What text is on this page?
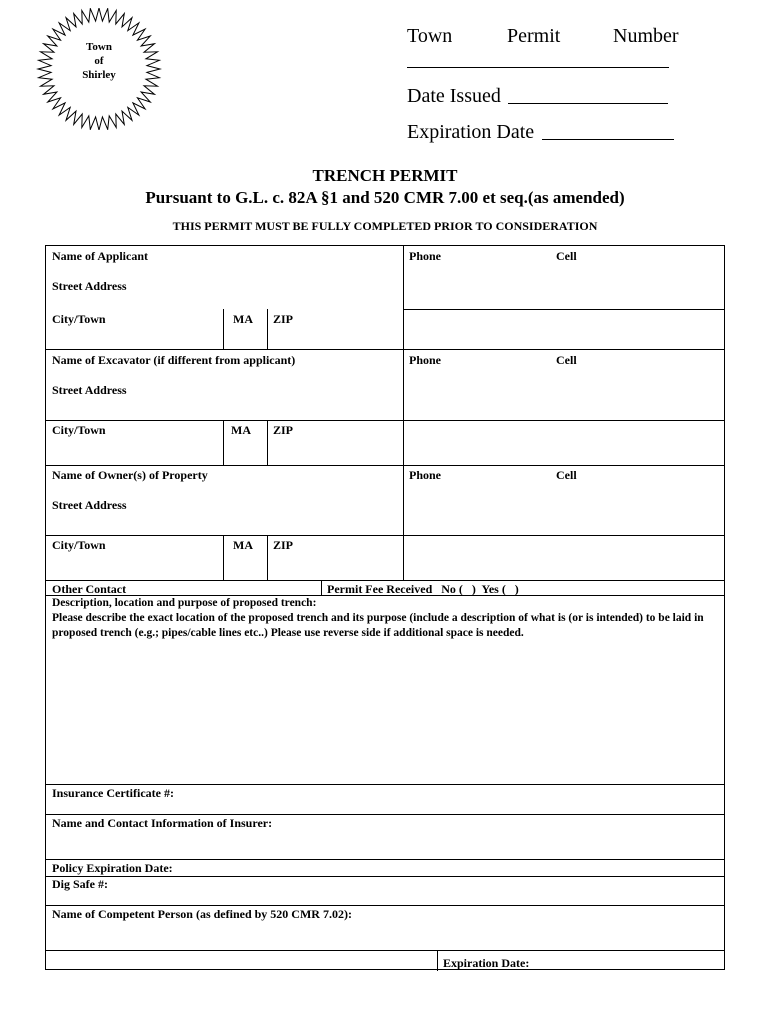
Town
of
Shirley
Town	Permit	Number
Date Issued
Expiration Date
TRENCH PERMIT
Pursuant to G.L. c. 82A §1 and 520 CMR 7.00 et seq.(as amended)
THIS PERMIT MUST BE FULLY COMPLETED PRIOR TO CONSIDERATION
Name of Applicant	Phone	Cell
Street Address
City/Town	MA ZIP
Name of Excavator (if different from applicant)	Phone	Cell
Street Address
City/Town	MA ZIP
Name of Owner(s) of Property	Phone	Cell
Street Address
City/Town	MA ZIP
Other Contact	Permit Fee Received   No (   )  Yes (   )
Description, location and purpose of proposed trench:
Please describe the exact location of the proposed trench and its purpose (include a description of what is (or is intended) to be laid in proposed trench (e.g.; pipes/cable lines etc..) Please use reverse side if additional space is needed.
Insurance Certificate #:
Name and Contact Information of Insurer:
Policy Expiration Date:
Dig Safe #:
Name of Competent Person (as defined by 520 CMR 7.02):
Expiration Date:
